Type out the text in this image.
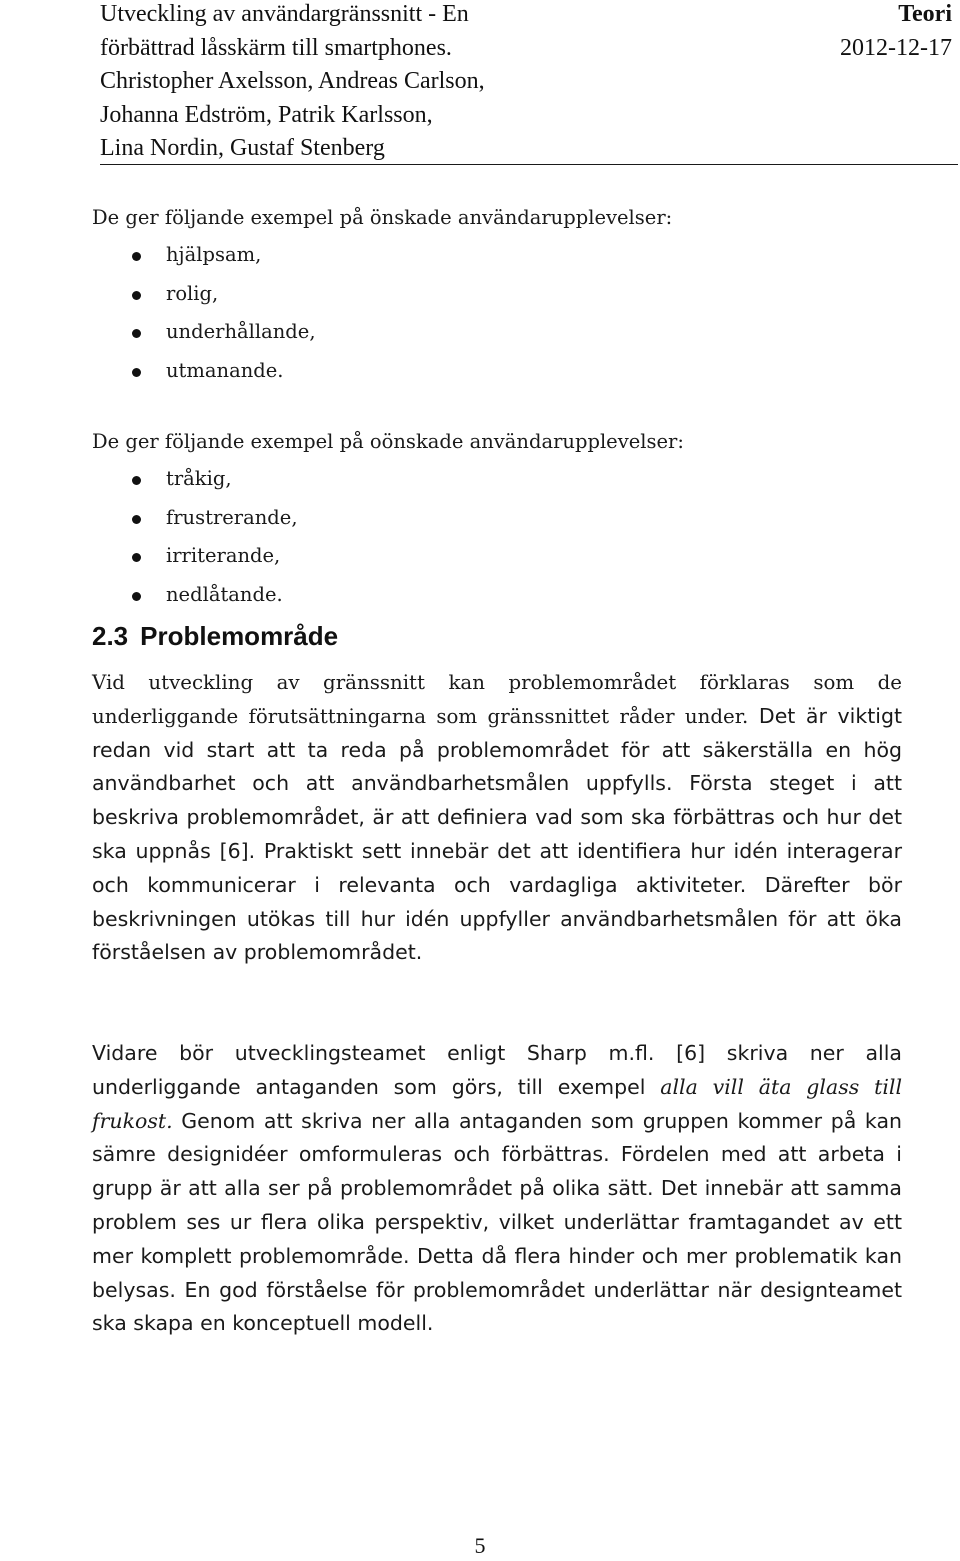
Utveckling av användargränssnitt - En
förbättrad låsskärm till smartphones.
Christopher Axelsson, Andreas Carlson,
Johanna Edström, Patrik Karlsson,
Lina Nordin, Gustaf Stenberg
Teori
2012-12-17
De ger följande exempel på önskade användarupplevelser:
hjälpsam,
rolig,
underhållande,
utmanande.
De ger följande exempel på oönskade användarupplevelser:
tråkig,
frustrerande,
irriterande,
nedlåtande.
2.3 Problemområde
Vid utveckling av gränssnitt kan problemområdet förklaras som de underliggande förutsättningarna som gränssnittet råder under. Det är viktigt redan vid start att ta reda på problemområdet för att säkerställa en hög användbarhet och att användbarhetsmålen uppfylls. Första steget i att beskriva problemområdet, är att definiera vad som ska förbättras och hur det ska uppnås [6]. Praktiskt sett innebär det att identifiera hur idén interagerar och kommunicerar i relevanta och vardagliga aktiviteter. Därefter bör beskrivningen utökas till hur idén uppfyller användbarhetsmålen för att öka förståelsen av problemområdet.
Vidare bör utvecklingsteamet enligt Sharp m.fl. [6] skriva ner alla underliggande antaganden som görs, till exempel alla vill äta glass till frukost. Genom att skriva ner alla antaganden som gruppen kommer på kan sämre designidéer omformuleras och förbättras. Fördelen med att arbeta i grupp är att alla ser på problemområdet på olika sätt. Det innebär att samma problem ses ur flera olika perspektiv, vilket underlättar framtagandet av ett mer komplett problemområde. Detta då flera hinder och mer problematik kan belysas. En god förståelse för problemområdet underlättar när designteamet ska skapa en konceptuell modell.
5
